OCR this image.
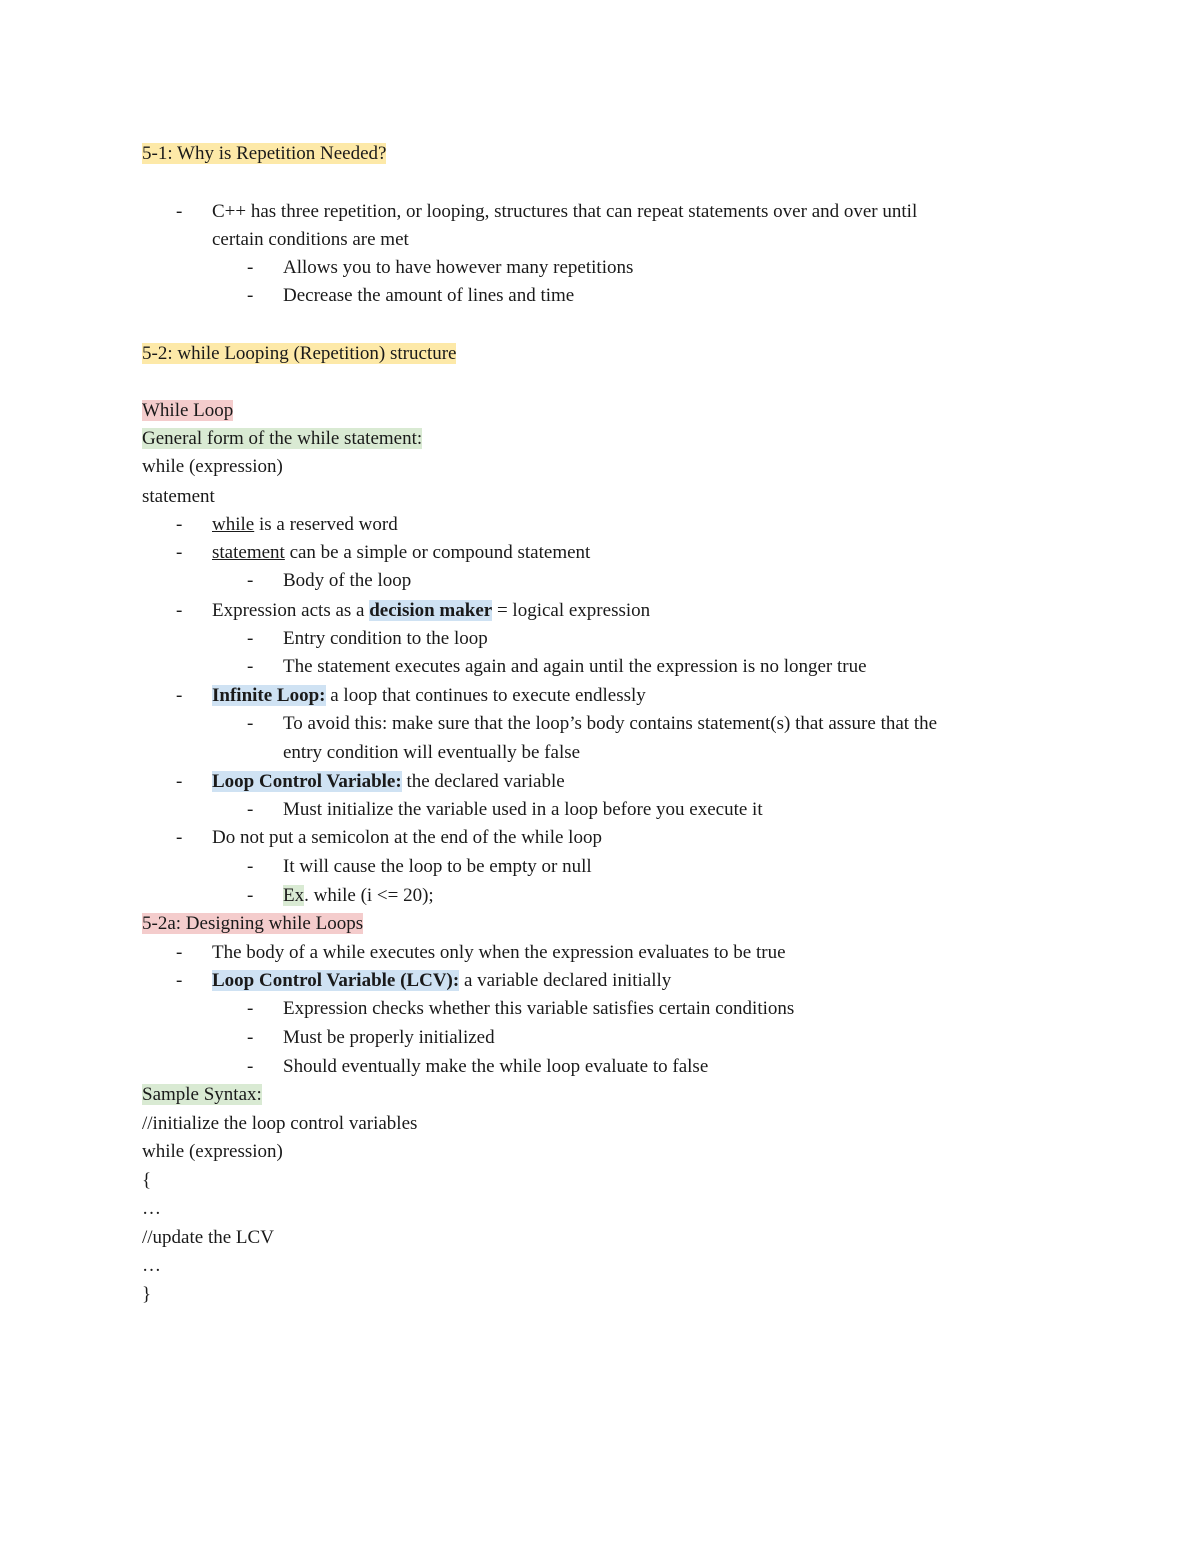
5-1: Why is Repetition Needed?
- C++ has three repetition, or looping, structures that can repeat statements over and over until
certain conditions are met
- Allows you to have however many repetitions
- Decrease the amount of lines and time
5-2: while Looping (Repetition) structure
While Loop
General form of the while statement:
while (expression)
statement
- while is a reserved word
- statement can be a simple or compound statement
- Body of the loop
- Expression acts as a decision maker = logical expression
- Entry condition to the loop
- The statement executes again and again until the expression is no longer true
- Infinite Loop: a loop that continues to execute endlessly
- To avoid this: make sure that the loop’s body contains statement(s) that assure that the
entry condition will eventually be false
- Loop Control Variable: the declared variable
- Must initialize the variable used in a loop before you execute it
- Do not put a semicolon at the end of the while loop
- It will cause the loop to be empty or null
- Ex. while (i <= 20);
5-2a: Designing while Loops
- The body of a while executes only when the expression evaluates to be true
- Loop Control Variable (LCV): a variable declared initially
- Expression checks whether this variable satisfies certain conditions
- Must be properly initialized
- Should eventually make the while loop evaluate to false
Sample Syntax:
//initialize the loop control variables
while (expression)
{
…
//update the LCV
…
}
